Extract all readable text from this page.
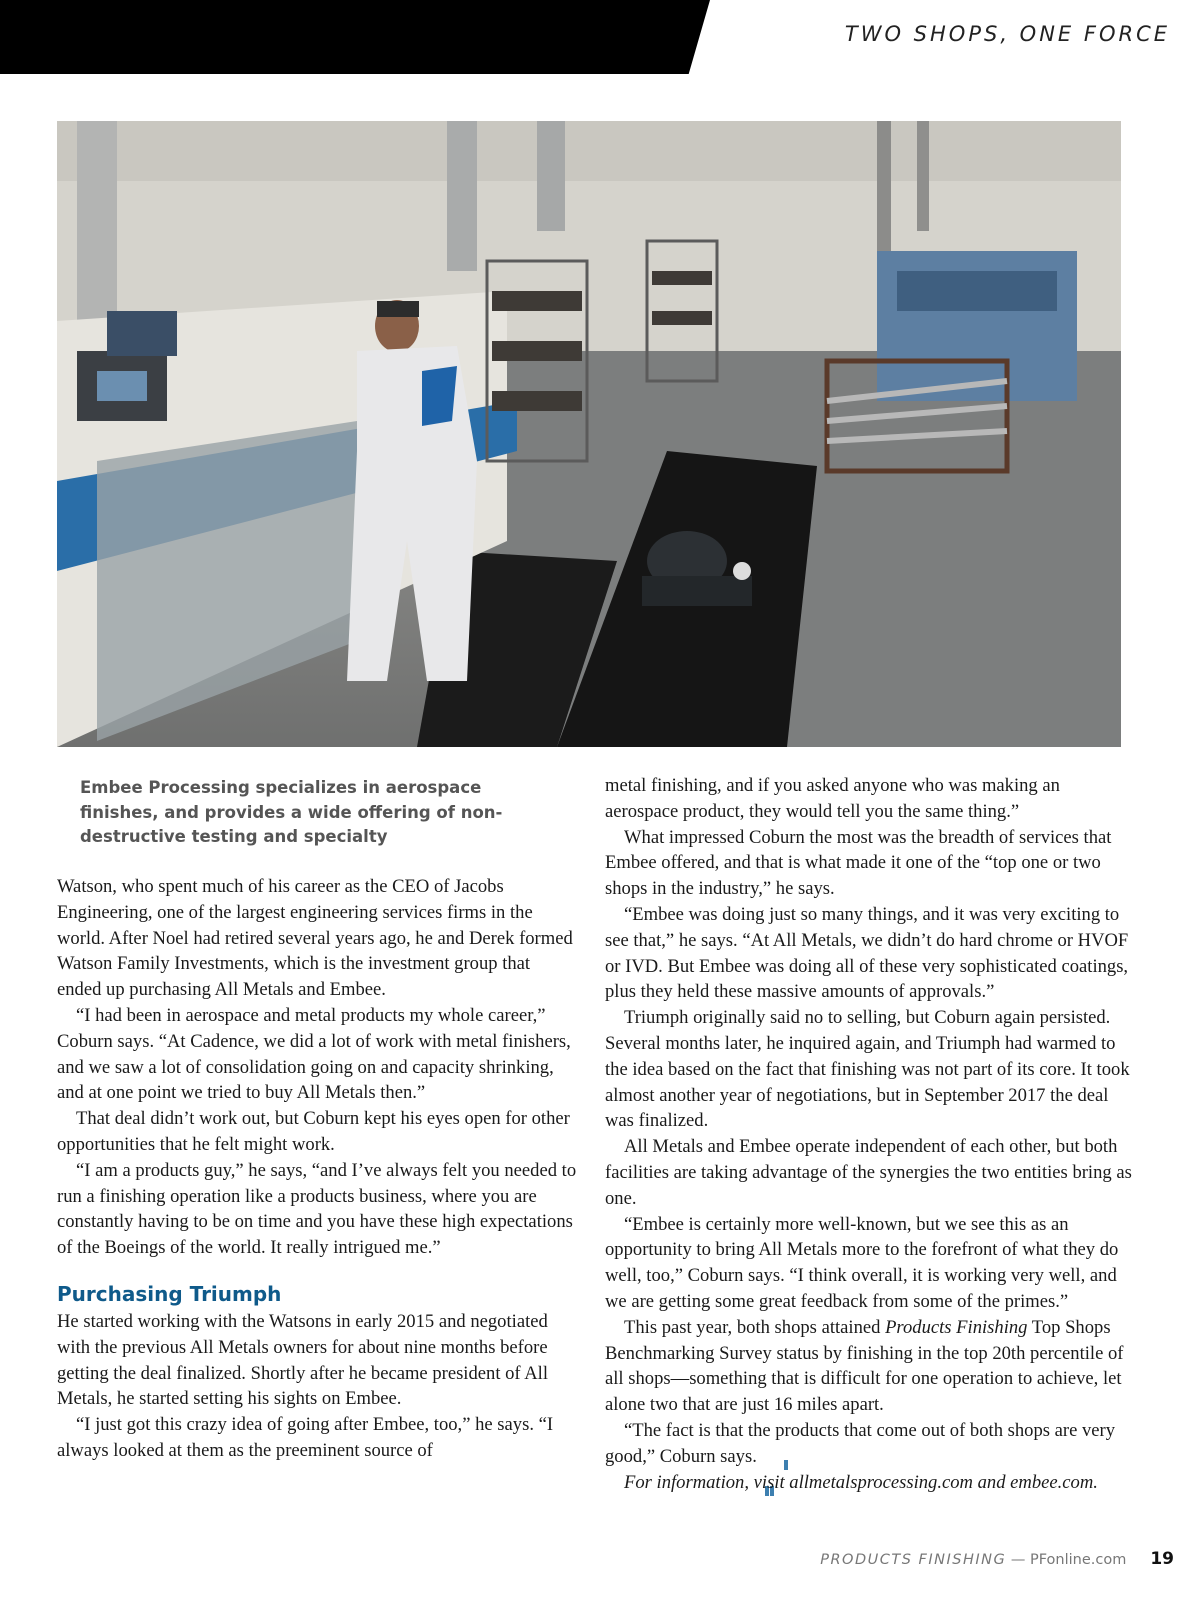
TWO SHOPS, ONE FORCE
Embee Processing specializes in aerospace finishes, and provides a wide offering of non-destructive testing and specialty

Watson, who spent much of his career as the CEO of Jacobs Engineering, one of the largest engineering services firms in the world. After Noel had retired several years ago, he and Derek formed Watson Family Investments, which is the investment group that ended up purchasing All Metals and Embee.

“I had been in aerospace and metal products my whole career,” Coburn says. “At Cadence, we did a lot of work with metal finishers, and we saw a lot of consolidation going on and capacity shrinking, and at one point we tried to buy All Metals then.”

That deal didn’t work out, but Coburn kept his eyes open for other opportunities that he felt might work.

“I am a products guy,” he says, “and I’ve always felt you needed to run a finishing operation like a products business, where you are constantly having to be on time and you have these high expectations of the Boeings of the world. It really intrigued me.”

Purchasing Triumph

He started working with the Watsons in early 2015 and negotiated with the previous All Metals owners for about nine months before getting the deal finalized. Shortly after he became president of All Metals, he started setting his sights on Embee.

“I just got this crazy idea of going after Embee, too,” he says. “I always looked at them as the preeminent source of

metal finishing, and if you asked anyone who was making an aerospace product, they would tell you the same thing.”

What impressed Coburn the most was the breadth of services that Embee offered, and that is what made it one of the “top one or two shops in the industry,” he says.

“Embee was doing just so many things, and it was very exciting to see that,” he says. “At All Metals, we didn’t do hard chrome or HVOF or IVD. But Embee was doing all of these very sophisticated coatings, plus they held these massive amounts of approvals.”

Triumph originally said no to selling, but Coburn again persisted. Several months later, he inquired again, and Triumph had warmed to the idea based on the fact that finishing was not part of its core. It took almost another year of negotiations, but in September 2017 the deal was finalized.

All Metals and Embee operate independent of each other, but both facilities are taking advantage of the synergies the two entities bring as one.

“Embee is certainly more well-known, but we see this as an opportunity to bring All Metals more to the forefront of what they do well, too,” Coburn says. “I think overall, it is working very well, and we are getting some great feedback from some of the primes.”

This past year, both shops attained Products Finishing Top Shops Benchmarking Survey status by finishing in the top 20th percentile of all shops—something that is difficult for one operation to achieve, let alone two that are just 16 miles apart.

“The fact is that the products that come out of both shops are very good,” Coburn says.

For information, visit allmetalsprocessing.com and embee.com.

PRODUCTS FINISHING — PFonline.com 19
